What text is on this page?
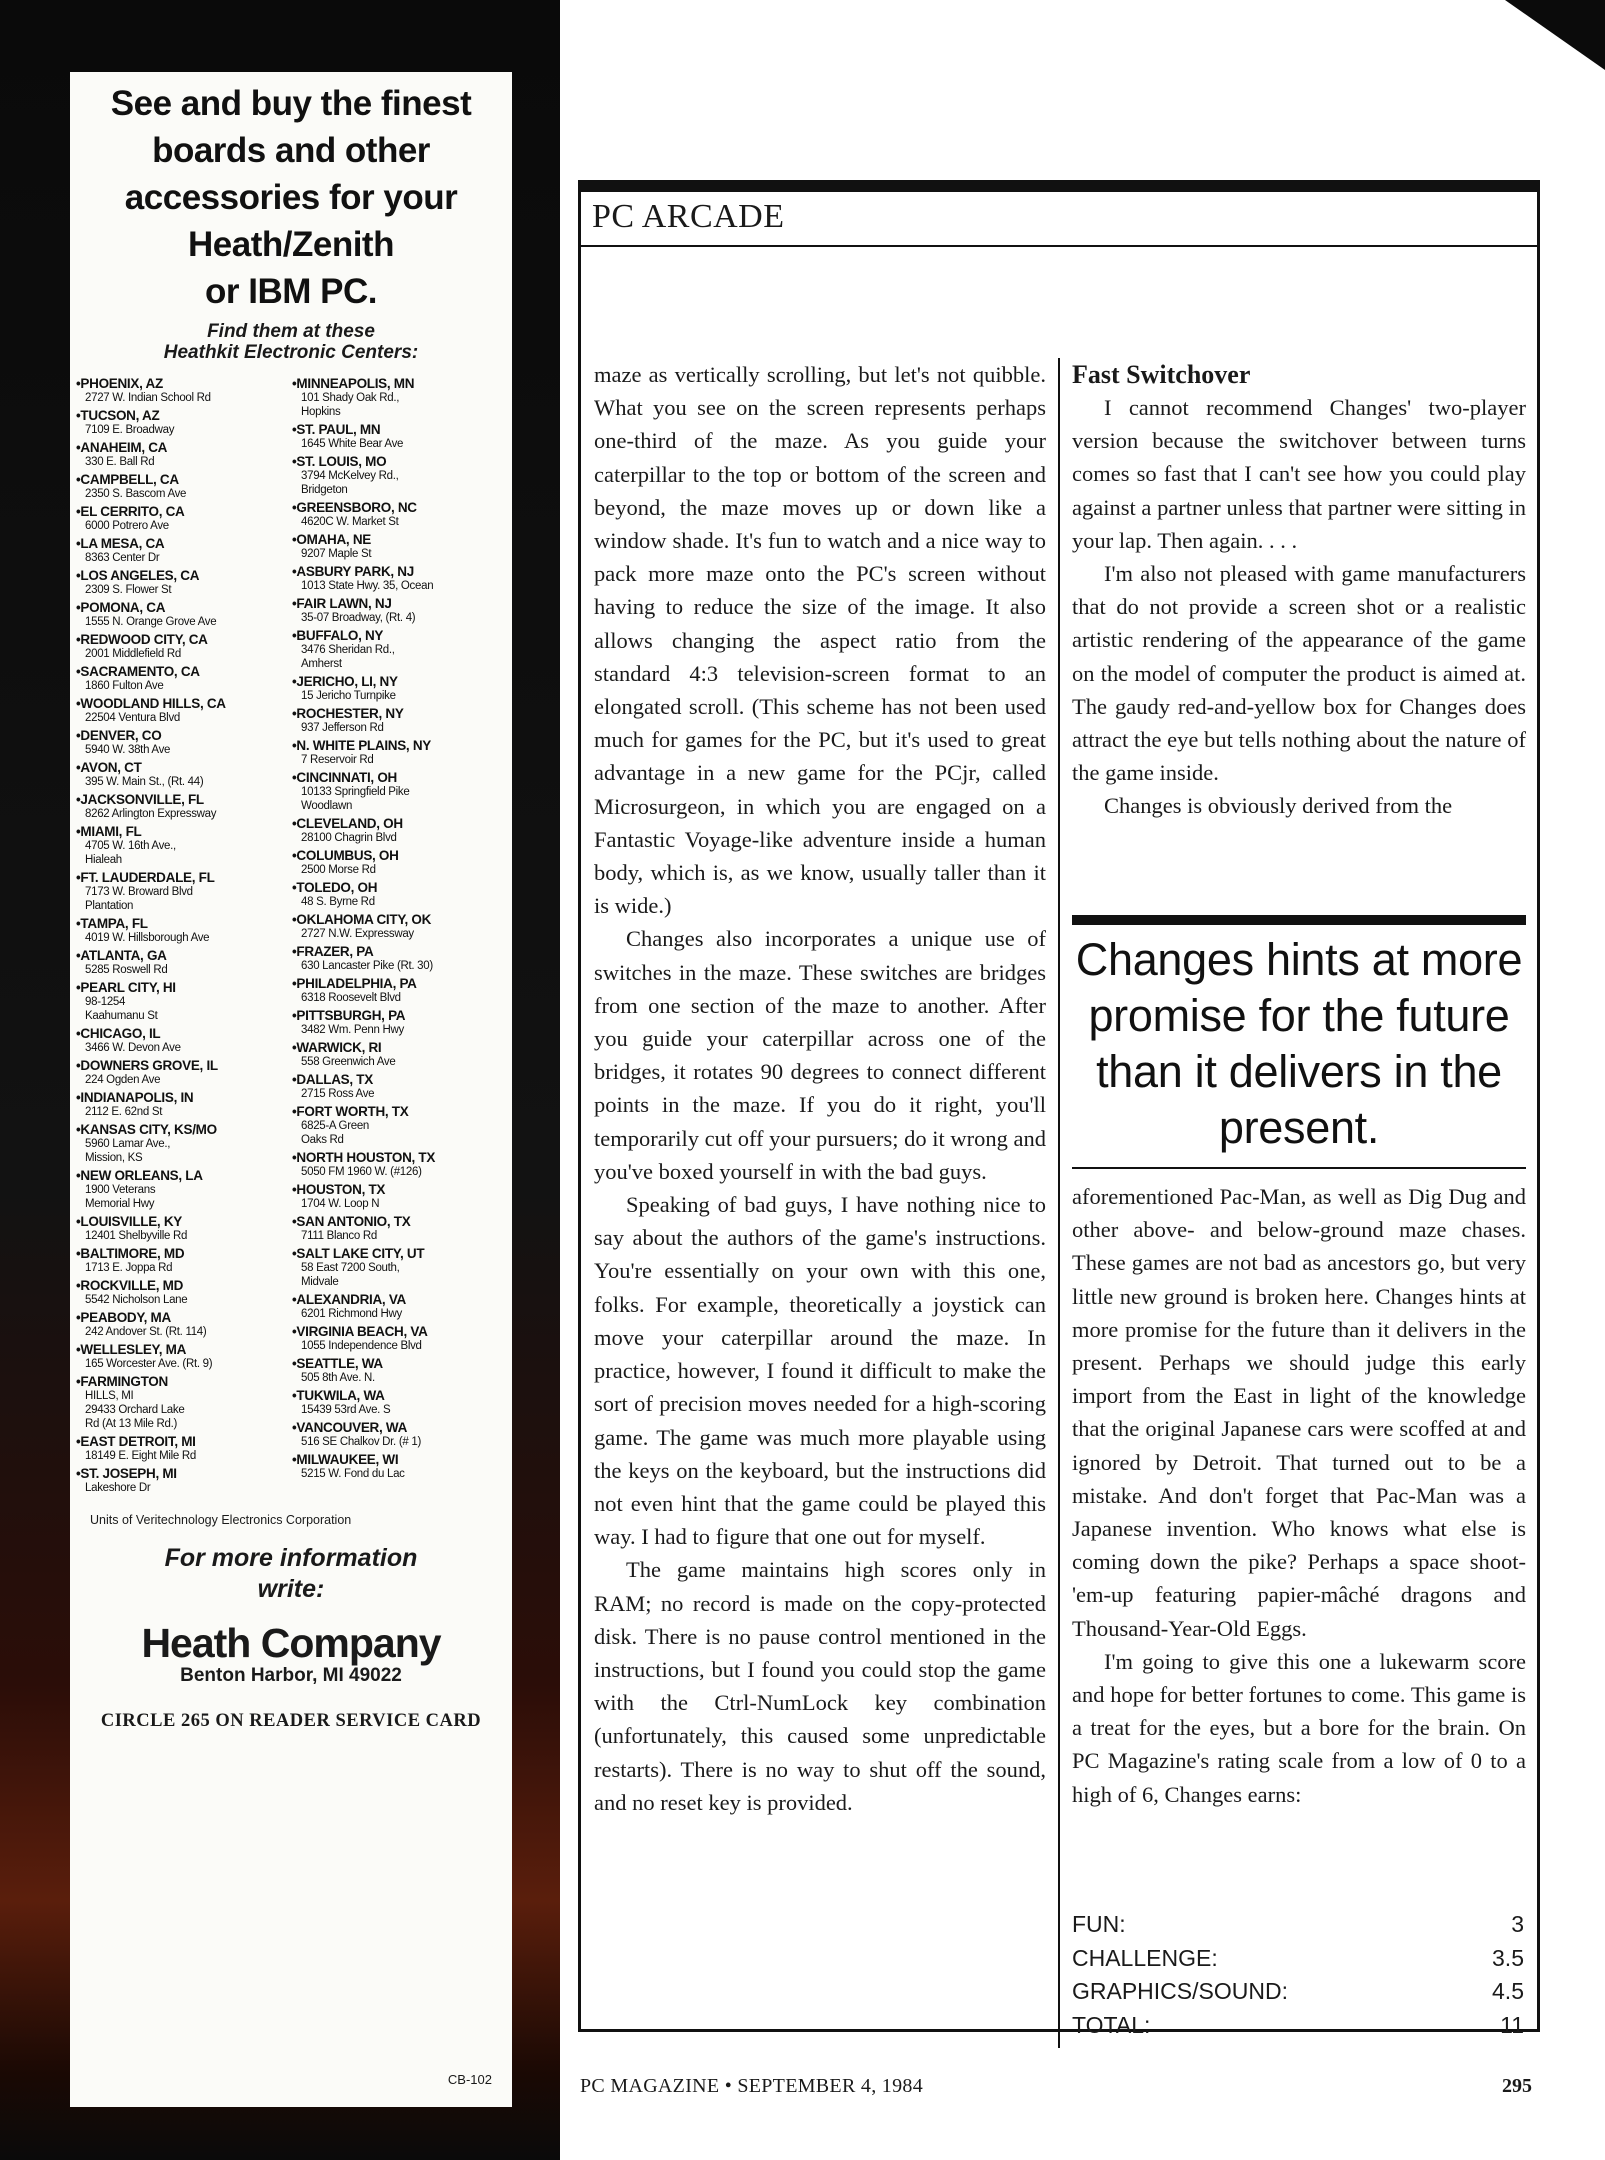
See and buy the finest
boards and other
accessories for your
Heath/Zenith
or IBM PC.
Find them at these
Heathkit Electronic Centers:
•PHOENIX, AZ
2727 W. Indian School Rd
•TUCSON, AZ
7109 E. Broadway
•ANAHEIM, CA
330 E. Ball Rd
•CAMPBELL, CA
2350 S. Bascom Ave
•EL CERRITO, CA
6000 Potrero Ave
•LA MESA, CA
8363 Center Dr
•LOS ANGELES, CA
2309 S. Flower St
•POMONA, CA
1555 N. Orange Grove Ave
•REDWOOD CITY, CA
2001 Middlefield Rd
•SACRAMENTO, CA
1860 Fulton Ave
•WOODLAND HILLS, CA
22504 Ventura Blvd
•DENVER, CO
5940 W. 38th Ave
•AVON, CT
395 W. Main St., (Rt. 44)
•JACKSONVILLE, FL
8262 Arlington Expressway
•MIAMI, FL
4705 W. 16th Ave.,
Hialeah
•FT. LAUDERDALE, FL
7173 W. Broward Blvd
Plantation
•TAMPA, FL
4019 W. Hillsborough Ave
•ATLANTA, GA
5285 Roswell Rd
•PEARL CITY, HI
98-1254
Kaahumanu St
•CHICAGO, IL
3466 W. Devon Ave
•DOWNERS GROVE, IL
224 Ogden Ave
•INDIANAPOLIS, IN
2112 E. 62nd St
•KANSAS CITY, KS/MO
5960 Lamar Ave.,
Mission, KS
•NEW ORLEANS, LA
1900 Veterans
Memorial Hwy
•LOUISVILLE, KY
12401 Shelbyville Rd
•BALTIMORE, MD
1713 E. Joppa Rd
•ROCKVILLE, MD
5542 Nicholson Lane
•PEABODY, MA
242 Andover St. (Rt. 114)
•WELLESLEY, MA
165 Worcester Ave. (Rt. 9)
•FARMINGTON
HILLS, MI
29433 Orchard Lake
Rd (At 13 Mile Rd.)
•EAST DETROIT, MI
18149 E. Eight Mile Rd
•ST. JOSEPH, MI
Lakeshore Dr
•MINNEAPOLIS, MN
101 Shady Oak Rd.,
Hopkins
•ST. PAUL, MN
1645 White Bear Ave
•ST. LOUIS, MO
3794 McKelvey Rd.,
Bridgeton
•GREENSBORO, NC
4620C W. Market St
•OMAHA, NE
9207 Maple St
•ASBURY PARK, NJ
1013 State Hwy. 35, Ocean
•FAIR LAWN, NJ
35-07 Broadway, (Rt. 4)
•BUFFALO, NY
3476 Sheridan Rd.,
Amherst
•JERICHO, LI, NY
15 Jericho Turnpike
•ROCHESTER, NY
937 Jefferson Rd
•N. WHITE PLAINS, NY
7 Reservoir Rd
•CINCINNATI, OH
10133 Springfield Pike
Woodlawn
•CLEVELAND, OH
28100 Chagrin Blvd
•COLUMBUS, OH
2500 Morse Rd
•TOLEDO, OH
48 S. Byrne Rd
•OKLAHOMA CITY, OK
2727 N.W. Expressway
•FRAZER, PA
630 Lancaster Pike (Rt. 30)
•PHILADELPHIA, PA
6318 Roosevelt Blvd
•PITTSBURGH, PA
3482 Wm. Penn Hwy
•WARWICK, RI
558 Greenwich Ave
•DALLAS, TX
2715 Ross Ave
•FORT WORTH, TX
6825-A Green
Oaks Rd
•NORTH HOUSTON, TX
5050 FM 1960 W. (#126)
•HOUSTON, TX
1704 W. Loop N
•SAN ANTONIO, TX
7111 Blanco Rd
•SALT LAKE CITY, UT
58 East 7200 South,
Midvale
•ALEXANDRIA, VA
6201 Richmond Hwy
•VIRGINIA BEACH, VA
1055 Independence Blvd
•SEATTLE, WA
505 8th Ave. N.
•TUKWILA, WA
15439 53rd Ave. S
•VANCOUVER, WA
516 SE Chalkov Dr. (# 1)
•MILWAUKEE, WI
5215 W. Fond du Lac
Units of Veritechnology Electronics Corporation
For more information
write:
Heath Company
Benton Harbor, MI 49022
CIRCLE 265 ON READER SERVICE CARD
CB-102
PC ARCADE

maze as vertically scrolling, but let's not quibble. What you see on the screen represents perhaps one-third of the maze. As you guide your caterpillar to the top or bottom of the screen and beyond, the maze moves up or down like a window shade. It's fun to watch and a nice way to pack more maze onto the PC's screen without having to reduce the size of the image. It also allows changing the aspect ratio from the standard 4:3 television-screen format to an elongated scroll. (This scheme has not been used much for games for the PC, but it's used to great advantage in a new game for the PCjr, called Microsurgeon, in which you are engaged on a Fantastic Voyage-like adventure inside a human body, which is, as we know, usually taller than it is wide.)

Changes also incorporates a unique use of switches in the maze. These switches are bridges from one section of the maze to another. After you guide your caterpillar across one of the bridges, it rotates 90 degrees to connect different points in the maze. If you do it right, you'll temporarily cut off your pursuers; do it wrong and you've boxed yourself in with the bad guys.

Speaking of bad guys, I have nothing nice to say about the authors of the game's instructions. You're essentially on your own with this one, folks. For example, theoretically a joystick can move your caterpillar around the maze. In practice, however, I found it difficult to make the sort of precision moves needed for a high-scoring game. The game was much more playable using the keys on the keyboard, but the instructions did not even hint that the game could be played this way. I had to figure that one out for myself.

The game maintains high scores only in RAM; no record is made on the copy-protected disk. There is no pause control mentioned in the instructions, but I found you could stop the game with the Ctrl-NumLock key combination (unfortunately, this caused some unpredictable restarts). There is no way to shut off the sound, and no reset key is provided.

Fast Switchover

I cannot recommend Changes' two-player version because the switchover between turns comes so fast that I can't see how you could play against a partner unless that partner were sitting in your lap. Then again. . . .

I'm also not pleased with game manufacturers that do not provide a screen shot or a realistic artistic rendering of the appearance of the game on the model of computer the product is aimed at. The gaudy red-and-yellow box for Changes does attract the eye but tells nothing about the nature of the game inside.

Changes is obviously derived from the

Changes hints at more promise for the future than it delivers in the present.

aforementioned Pac-Man, as well as Dig Dug and other above- and below-ground maze chases. These games are not bad as ancestors go, but very little new ground is broken here. Changes hints at more promise for the future than it delivers in the present. Perhaps we should judge this early import from the East in light of the knowledge that the original Japanese cars were scoffed at and ignored by Detroit. That turned out to be a mistake. And don't forget that Pac-Man was a Japanese invention. Who knows what else is coming down the pike? Perhaps a space shoot-'em-up featuring papier-mâché dragons and Thousand-Year-Old Eggs.

I'm going to give this one a lukewarm score and hope for better fortunes to come. This game is a treat for the eyes, but a bore for the brain. On PC Magazine's rating scale from a low of 0 to a high of 6, Changes earns:

FUN:	3
CHALLENGE:	3.5
GRAPHICS/SOUND:	4.5
TOTAL:	11
PC MAGAZINE • SEPTEMBER 4, 1984	295
